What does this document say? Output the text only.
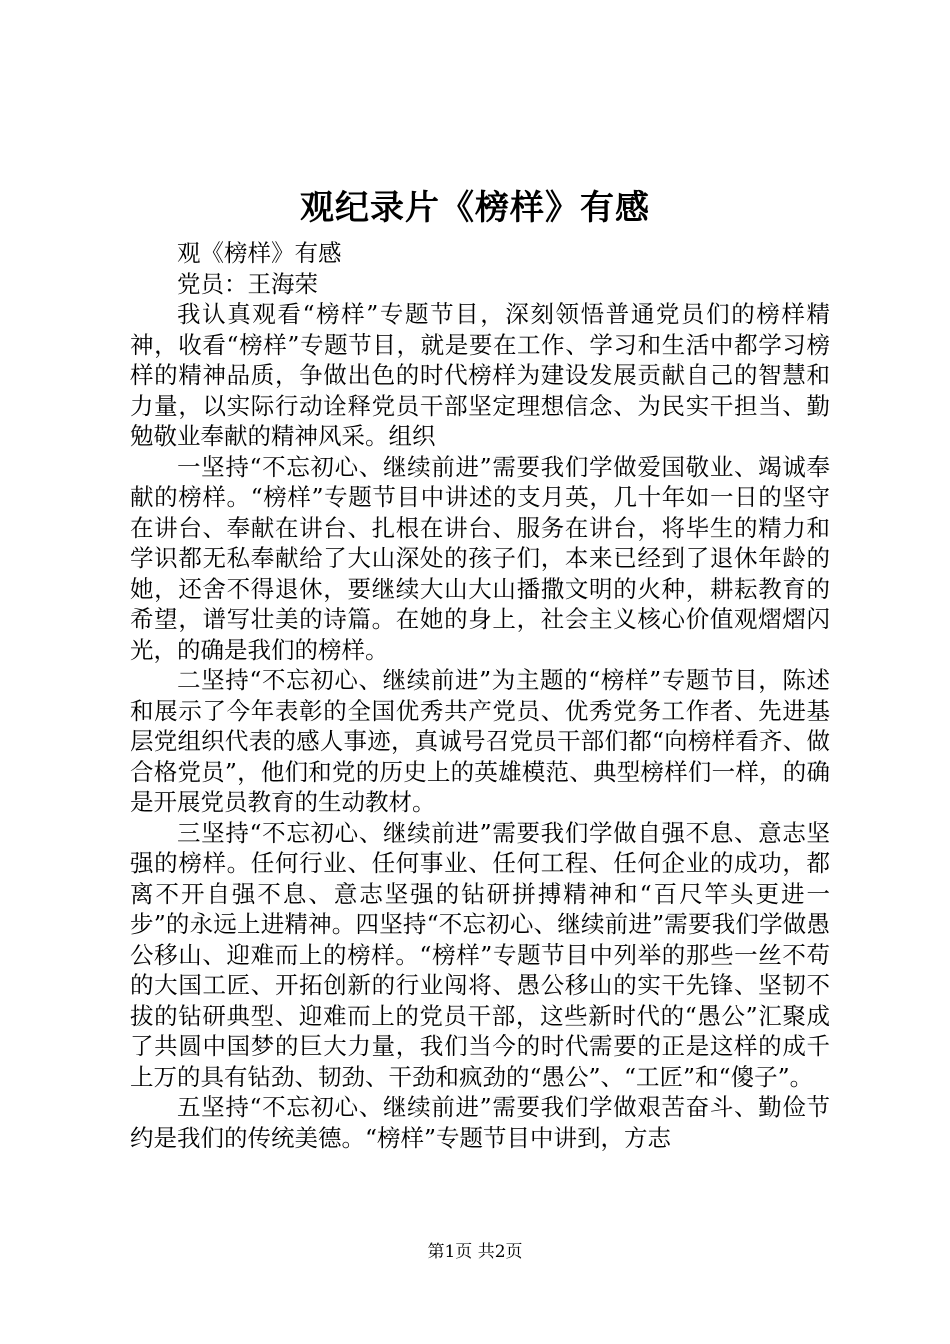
观纪录片《榜样》有感

观《榜样》有感

党员：王海荣

我认真观看“榜样”专题节目，深刻领悟普通党员们的榜样精神，收看“榜样”专题节目，就是要在工作、学习和生活中都学习榜样的精神品质，争做出色的时代榜样为建设发展贡献自己的智慧和力量，以实际行动诠释党员干部坚定理想信念、为民实干担当、勤勉敬业奉献的精神风采。组织

一坚持“不忘初心、继续前进”需要我们学做爱国敬业、竭诚奉献的榜样。“榜样”专题节目中讲述的支月英，几十年如一日的坚守在讲台、奉献在讲台、扎根在讲台、服务在讲台，将毕生的精力和学识都无私奉献给了大山深处的孩子们，本来已经到了退休年龄的她，还舍不得退休，要继续大山大山播撒文明的火种，耕耘教育的希望，谱写壮美的诗篇。在她的身上，社会主义核心价值观熠熠闪光，的确是我们的榜样。

二坚持“不忘初心、继续前进”为主题的“榜样”专题节目，陈述和展示了今年表彰的全国优秀共产党员、优秀党务工作者、先进基层党组织代表的感人事迹，真诚号召党员干部们都“向榜样看齐、做合格党员”，他们和党的历史上的英雄模范、典型榜样们一样，的确是开展党员教育的生动教材。

三坚持“不忘初心、继续前进”需要我们学做自强不息、意志坚强的榜样。任何行业、任何事业、任何工程、任何企业的成功，都离不开自强不息、意志坚强的钻研拼搏精神和“百尺竿头更进一步”的永远上进精神。四坚持“不忘初心、继续前进”需要我们学做愚公移山、迎难而上的榜样。“榜样”专题节目中列举的那些一丝不苟的大国工匠、开拓创新的行业闯将、愚公移山的实干先锋、坚韧不拔的钻研典型、迎难而上的党员干部，这些新时代的“愚公”汇聚成了共圆中国梦的巨大力量，我们当今的时代需要的正是这样的成千上万的具有钻劲、韧劲、干劲和疯劲的“愚公”、“工匠”和“傻子”。

五坚持“不忘初心、继续前进”需要我们学做艰苦奋斗、勤俭节约是我们的传统美德。“榜样”专题节目中讲到，方志

第1页 共2页
